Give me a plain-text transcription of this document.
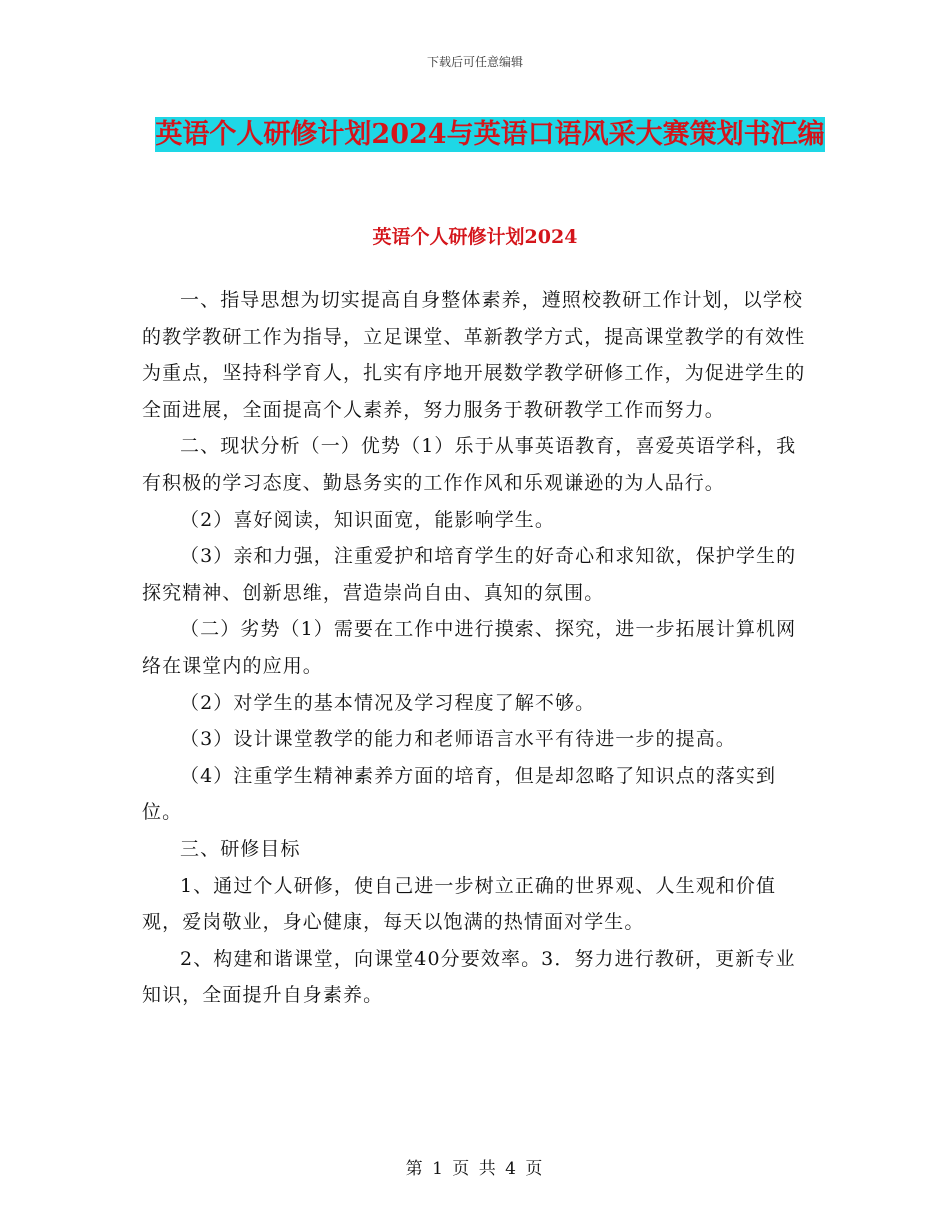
下载后可任意编辑
英语个人研修计划2024与英语口语风采大赛策划书汇编
英语个人研修计划2024

一、指导思想为切实提高自身整体素养，遵照校教研工作计划，以学校的教学教研工作为指导，立足课堂、革新教学方式，提高课堂教学的有效性为重点，坚持科学育人，扎实有序地开展数学教学研修工作，为促进学生的全面进展，全面提高个人素养，努力服务于教研教学工作而努力。

二、现状分析（一）优势（1）乐于从事英语教育，喜爱英语学科，我有积极的学习态度、勤恳务实的工作作风和乐观谦逊的为人品行。

（2）喜好阅读，知识面宽，能影响学生。

（3）亲和力强，注重爱护和培育学生的好奇心和求知欲，保护学生的探究精神、创新思维，营造崇尚自由、真知的氛围。

（二）劣势（1）需要在工作中进行摸索、探究，进一步拓展计算机网络在课堂内的应用。

（2）对学生的基本情况及学习程度了解不够。

（3）设计课堂教学的能力和老师语言水平有待进一步的提高。

（4）注重学生精神素养方面的培育，但是却忽略了知识点的落实到位。

三、研修目标

1、通过个人研修，使自己进一步树立正确的世界观、人生观和价值观，爱岗敬业，身心健康，每天以饱满的热情面对学生。

2、构建和谐课堂，向课堂40分要效率。3．努力进行教研，更新专业知识，全面提升自身素养。

第 1 页 共 4 页
